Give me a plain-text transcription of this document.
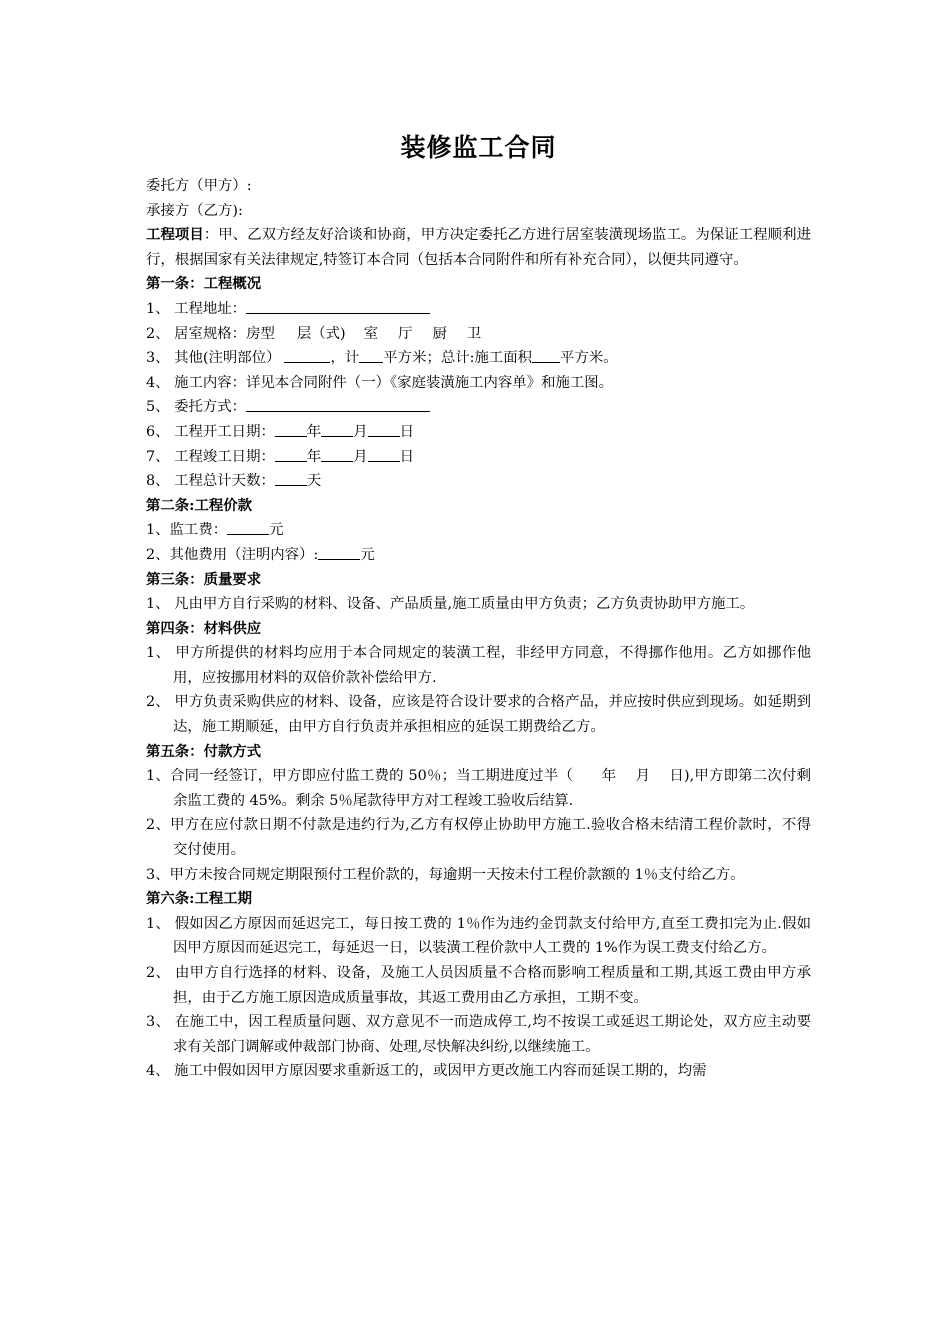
装修监工合同
委托方（甲方）:
承接方（乙方):
工程项目：甲、乙双方经友好洽谈和协商，甲方决定委托乙方进行居室装潢现场监工。为保证工程顺利进行，根据国家有关法律规定,特签订本合同（包括本合同附件和所有补充合同），以便共同遵守。
第一条：工程概况
1、 工程地址：
2、 居室规格：房型 层（式) 室 厅 厨 卫
3、 其他(注明部位）	，计 平方米；总计:施工面积 平方米。
4、 施工内容：详见本合同附件（一）《家庭装潢施工内容单》和施工图。
5、 委托方式：
6、 工程开工日期： 年 月 日
7、 工程竣工日期： 年 月 日
8、 工程总计天数： 天
第二条:工程价款
1、监工费：	元
2、其他费用（注明内容）:	元
第三条：质量要求
1、 凡由甲方自行采购的材料、设备、产品质量,施工质量由甲方负责；乙方负责协助甲方施工。
第四条：材料供应
1、 甲方所提供的材料均应用于本合同规定的装潢工程，非经甲方同意，不得挪作他用。乙方如挪作他用，应按挪用材料的双倍价款补偿给甲方.
2、 甲方负责采购供应的材料、设备，应该是符合设计要求的合格产品，并应按时供应到现场。如延期到达，施工期顺延，由甲方自行负责并承担相应的延误工期费给乙方。
第五条：付款方式
1、合同一经签订，甲方即应付监工费的 50％；当工期进度过半（      年    月    日),甲方即第二次付剩余监工费的 45%。剩余 5％尾款待甲方对工程竣工验收后结算.
2、甲方在应付款日期不付款是违约行为,乙方有权停止协助甲方施工.验收合格未结清工程价款时，不得交付使用。
3、甲方未按合同规定期限预付工程价款的，每逾期一天按未付工程价款额的 1％支付给乙方。
第六条:工程工期
1、 假如因乙方原因而延迟完工，每日按工费的 1％作为违约金罚款支付给甲方,直至工费扣完为止.假如因甲方原因而延迟完工，每延迟一日，以装潢工程价款中人工费的 1%作为误工费支付给乙方。
2、 由甲方自行选择的材料、设备，及施工人员因质量不合格而影响工程质量和工期,其返工费由甲方承担，由于乙方施工原因造成质量事故，其返工费用由乙方承担，工期不变。
3、 在施工中，因工程质量问题、双方意见不一而造成停工,均不按误工或延迟工期论处，双方应主动要求有关部门调解或仲裁部门协商、处理,尽快解决纠纷,以继续施工。
4、 施工中假如因甲方原因要求重新返工的，或因甲方更改施工内容而延误工期的，均需
